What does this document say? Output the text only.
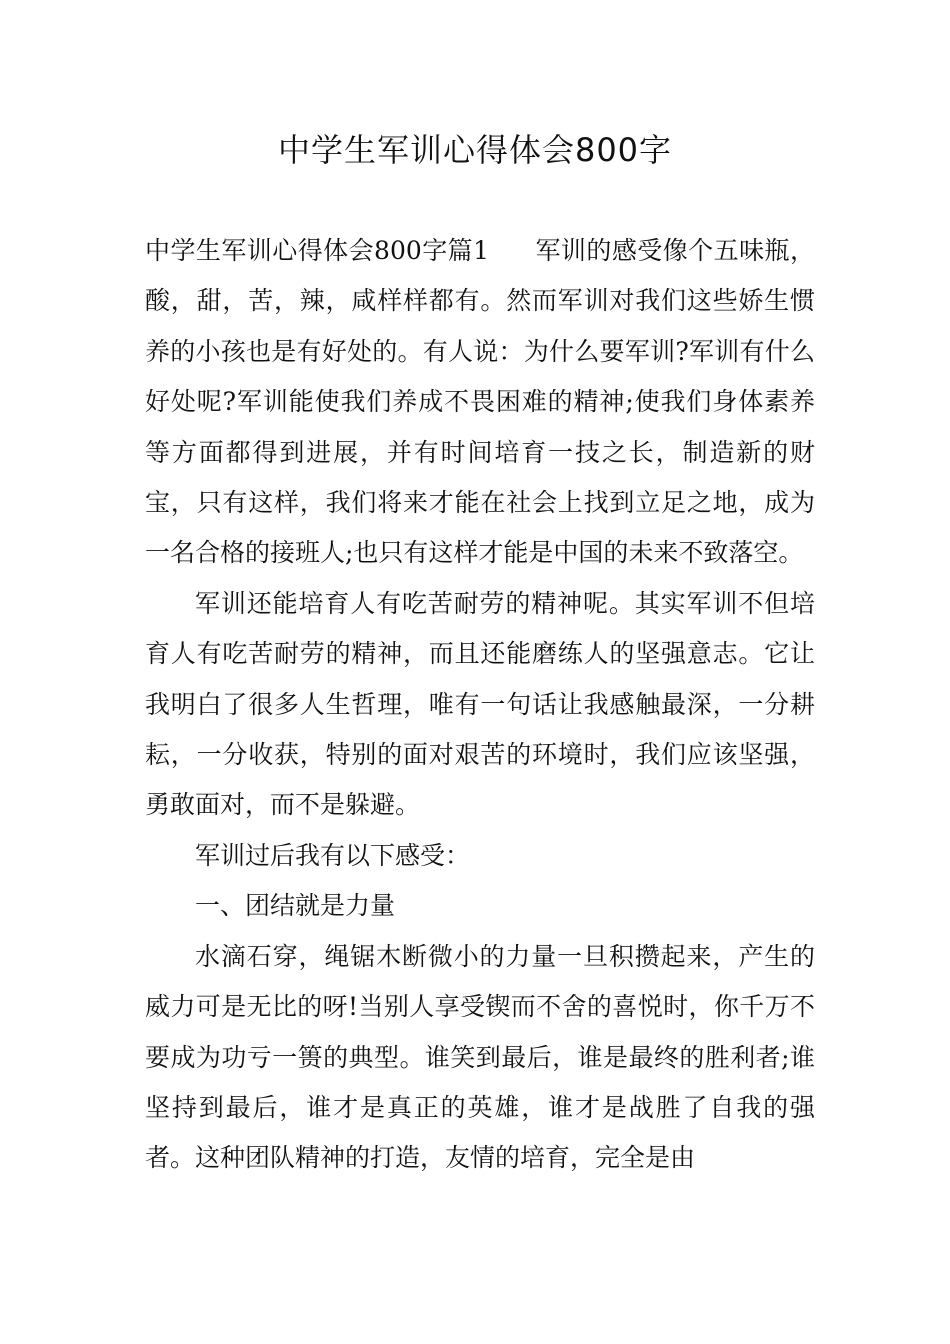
中学生军训心得体会800字

中学生军训心得体会800字篇1 军训的感受像个五味瓶，酸，甜，苦，辣，咸样样都有。然而军训对我们这些娇生惯养的小孩也是有好处的。有人说：为什么要军训?军训有什么好处呢?军训能使我们养成不畏困难的精神;使我们身体素养等方面都得到进展，并有时间培育一技之长，制造新的财宝，只有这样，我们将来才能在社会上找到立足之地，成为一名合格的接班人;也只有这样才能是中国的未来不致落空。

军训还能培育人有吃苦耐劳的精神呢。其实军训不但培育人有吃苦耐劳的精神，而且还能磨练人的坚强意志。它让我明白了很多人生哲理，唯有一句话让我感触最深，一分耕耘，一分收获，特别的面对艰苦的环境时，我们应该坚强，勇敢面对，而不是躲避。

军训过后我有以下感受：

一、团结就是力量

水滴石穿，绳锯木断微小的力量一旦积攒起来，产生的威力可是无比的呀!当别人享受锲而不舍的喜悦时，你千万不要成为功亏一篑的典型。谁笑到最后，谁是最终的胜利者;谁坚持到最后，谁才是真正的英雄，谁才是战胜了自我的强者。这种团队精神的打造，友情的培育，完全是由
